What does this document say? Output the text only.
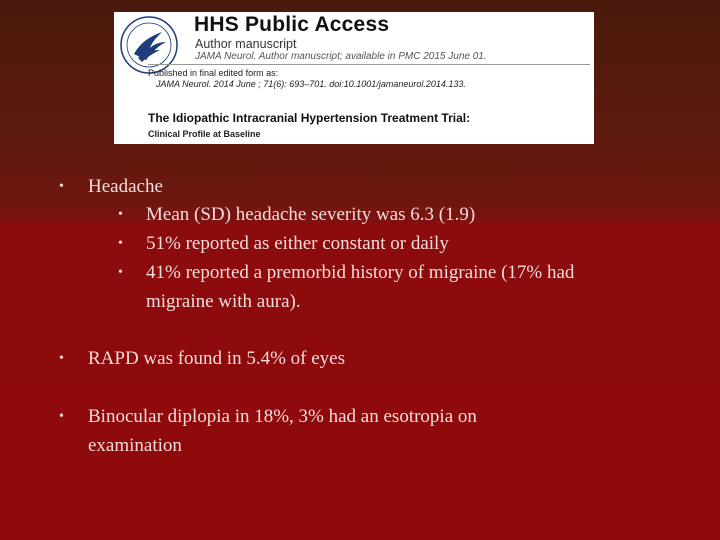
HHS Public Access
Author manuscript
JAMA Neurol. Author manuscript; available in PMC 2015 June 01.
Published in final edited form as:
JAMA Neurol. 2014 June ; 71(6): 693–701. doi:10.1001/jamaneurol.2014.133.
The Idiopathic Intracranial Hypertension Treatment Trial:
Clinical Profile at Baseline
• Headache
• Mean (SD) headache severity was 6.3 (1.9)
• 51% reported as either constant or daily
• 41% reported a premorbid history of migraine (17% had
migraine with aura).
• RAPD was found in 5.4% of eyes
• Binocular diplopia in 18%, 3% had an esotropia on
examination
